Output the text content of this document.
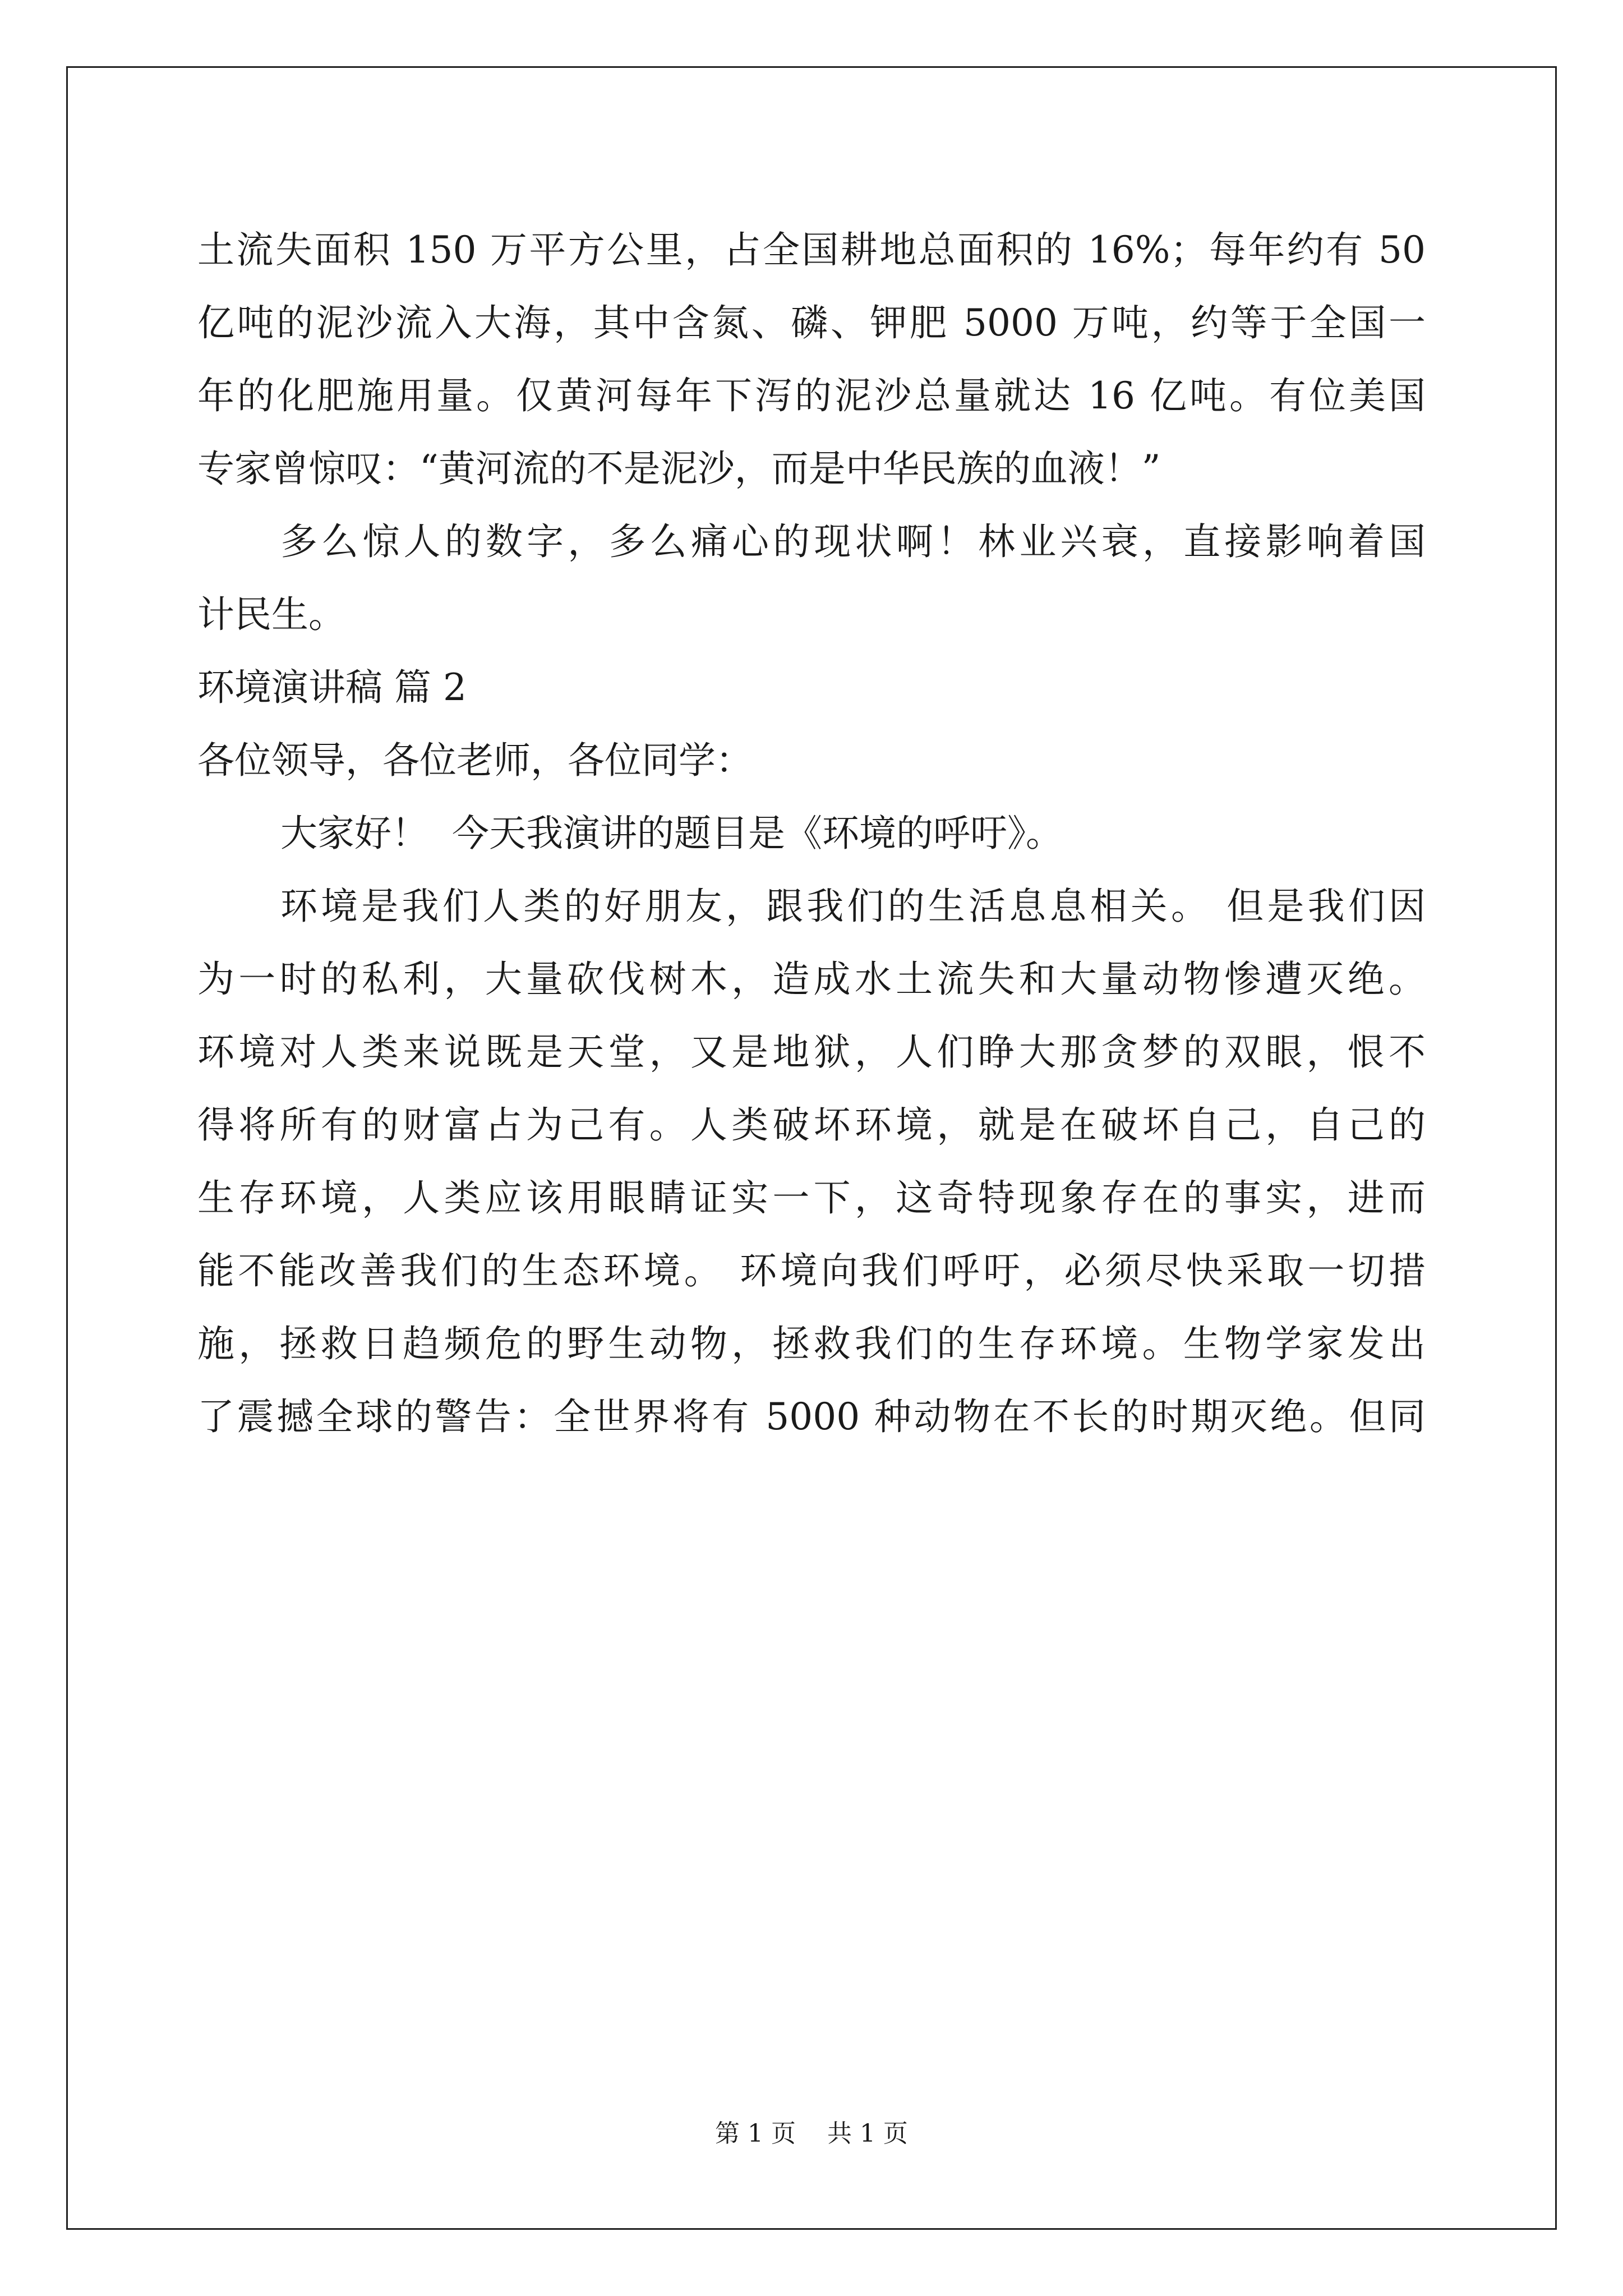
土流失面积 150 万平方公里，占全国耕地总面积的 16%；每年约有 50
亿吨的泥沙流入大海，其中含氮、磷、钾肥 5000 万吨，约等于全国一
年的化肥施用量。仅黄河每年下泻的泥沙总量就达 16 亿吨。有位美国
专家曾惊叹：“黄河流的不是泥沙，而是中华民族的血液！”
多么惊人的数字，多么痛心的现状啊！林业兴衰，直接影响着国
计民生。
环境演讲稿 篇 2
各位领导，各位老师，各位同学：
大家好！  今天我演讲的题目是《环境的呼吁》。
环境是我们人类的好朋友，跟我们的生活息息相关。 但是我们因
为一时的私利，大量砍伐树木，造成水土流失和大量动物惨遭灭绝。
环境对人类来说既是天堂，又是地狱，人们睁大那贪梦的双眼，恨不
得将所有的财富占为己有。人类破坏环境，就是在破坏自己，自己的
生存环境，人类应该用眼睛证实一下，这奇特现象存在的事实，进而
能不能改善我们的生态环境。 环境向我们呼吁，必须尽快采取一切措
施，拯救日趋频危的野生动物，拯救我们的生存环境。生物学家发出
了震撼全球的警告：全世界将有 5000 种动物在不长的时期灭绝。但同
第 1 页    共 1 页
